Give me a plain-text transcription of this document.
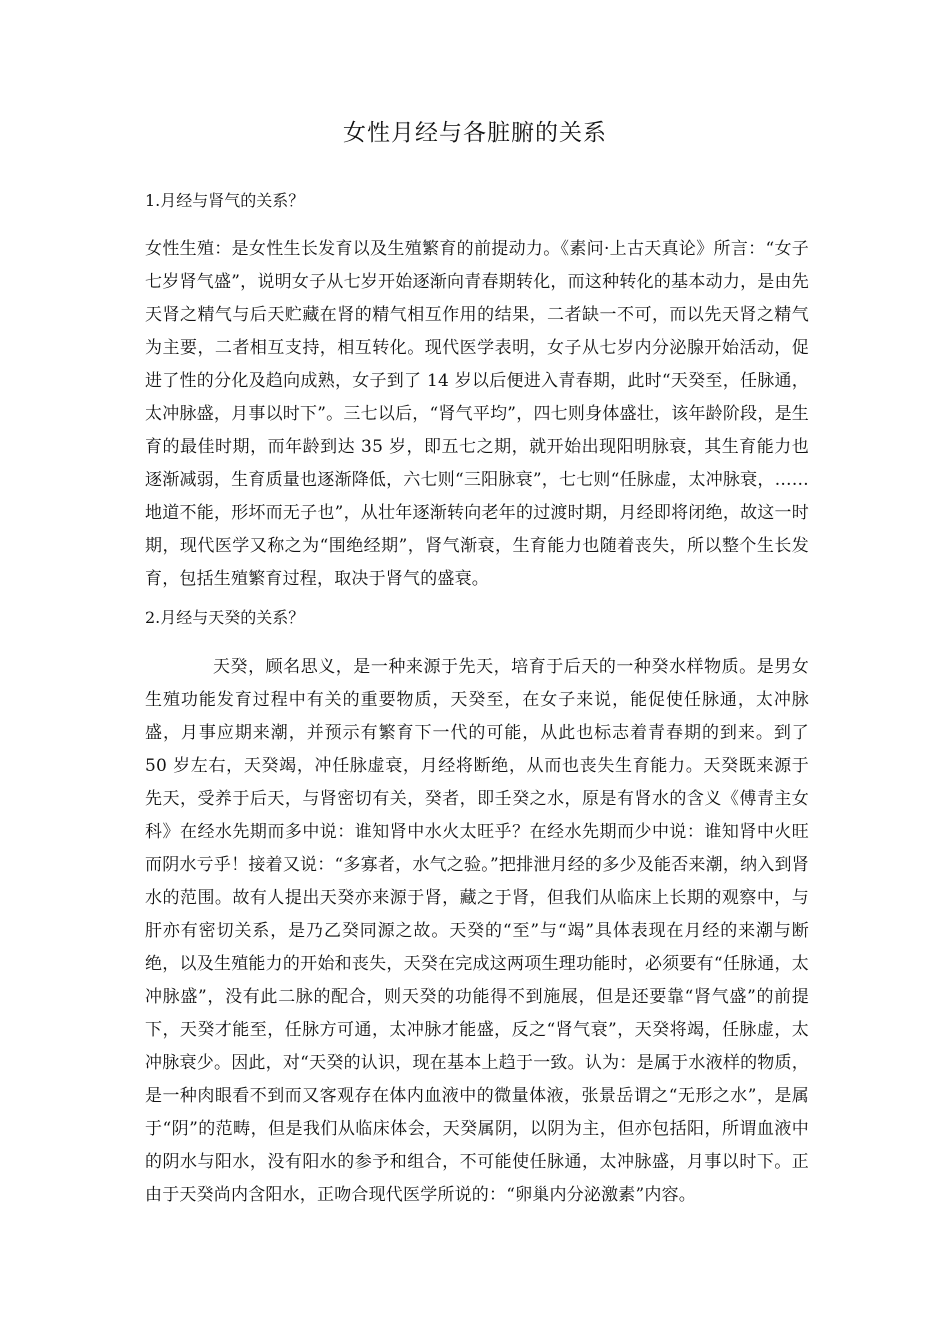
女性月经与各脏腑的关系
1.月经与肾气的关系？

女性生殖：是女性生长发育以及生殖繁育的前提动力。《素问·上古天真论》所言：“女子七岁肾气盛”，说明女子从七岁开始逐渐向青春期转化，而这种转化的基本动力，是由先天肾之精气与后天贮藏在肾的精气相互作用的结果，二者缺一不可，而以先天肾之精气为主要，二者相互支持，相互转化。现代医学表明，女子从七岁内分泌腺开始活动，促进了性的分化及趋向成熟，女子到了 14 岁以后便进入青春期，此时“天癸至，任脉通，太冲脉盛，月事以时下”。三七以后，“肾气平均”，四七则身体盛壮，该年龄阶段，是生育的最佳时期，而年龄到达 35 岁，即五七之期，就开始出现阳明脉衰，其生育能力也逐渐减弱，生育质量也逐渐降低，六七则“三阳脉衰”，七七则“任脉虚，太冲脉衰，……地道不能，形坏而无子也”，从壮年逐渐转向老年的过渡时期，月经即将闭绝，故这一时期，现代医学又称之为“围绝经期”，肾气渐衰，生育能力也随着丧失，所以整个生长发育，包括生殖繁育过程，取决于肾气的盛衰。

2.月经与天癸的关系？

天癸，顾名思义，是一种来源于先天，培育于后天的一种癸水样物质。是男女生殖功能发育过程中有关的重要物质，天癸至，在女子来说，能促使任脉通，太冲脉盛，月事应期来潮，并预示有繁育下一代的可能，从此也标志着青春期的到来。到了 50 岁左右，天癸竭，冲任脉虚衰，月经将断绝，从而也丧失生育能力。天癸既来源于先天，受养于后天，与肾密切有关，癸者，即壬癸之水，原是有肾水的含义《傅青主女科》在经水先期而多中说：谁知肾中水火太旺乎？在经水先期而少中说：谁知肾中火旺而阴水亏乎！接着又说：“多寡者，水气之验。”把排泄月经的多少及能否来潮，纳入到肾水的范围。故有人提出天癸亦来源于肾，藏之于肾，但我们从临床上长期的观察中，与肝亦有密切关系，是乃乙癸同源之故。天癸的“至”与“竭”具体表现在月经的来潮与断绝，以及生殖能力的开始和丧失，天癸在完成这两项生理功能时，必须要有“任脉通，太冲脉盛”，没有此二脉的配合，则天癸的功能得不到施展，但是还要靠“肾气盛”的前提下，天癸才能至，任脉方可通，太冲脉才能盛，反之“肾气衰”，天癸将竭，任脉虚，太冲脉衰少。因此，对“天癸的认识，现在基本上趋于一致。认为：是属于水液样的物质，是一种肉眼看不到而又客观存在体内血液中的微量体液，张景岳谓之“无形之水”，是属于“阴”的范畴，但是我们从临床体会，天癸属阴，以阴为主，但亦包括阳，所谓血液中的阴水与阳水，没有阳水的参予和组合，不可能使任脉通，太冲脉盛，月事以时下。正由于天癸尚内含阳水，正吻合现代医学所说的：“卵巢内分泌激素”内容。
